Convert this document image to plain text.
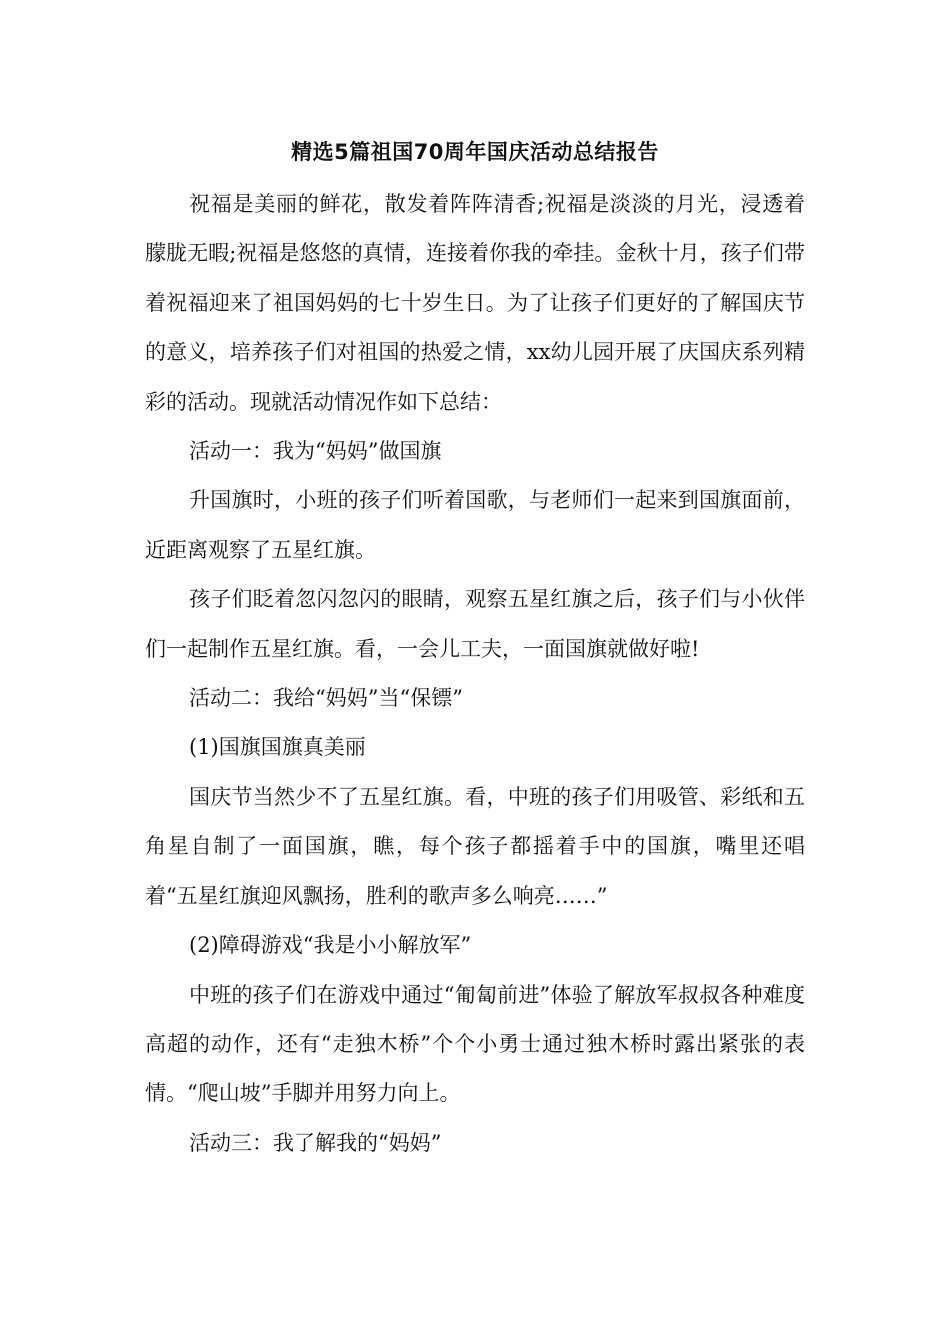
精选5篇祖国70周年国庆活动总结报告

祝福是美丽的鲜花，散发着阵阵清香;祝福是淡淡的月光，浸透着朦胧无暇;祝福是悠悠的真情，连接着你我的牵挂。金秋十月，孩子们带着祝福迎来了祖国妈妈的七十岁生日。为了让孩子们更好的了解国庆节的意义，培养孩子们对祖国的热爱之情，xx幼儿园开展了庆国庆系列精彩的活动。现就活动情况作如下总结：

活动一：我为“妈妈”做国旗

升国旗时，小班的孩子们听着国歌，与老师们一起来到国旗面前，近距离观察了五星红旗。

孩子们眨着忽闪忽闪的眼睛，观察五星红旗之后，孩子们与小伙伴们一起制作五星红旗。看，一会儿工夫，一面国旗就做好啦!

活动二：我给“妈妈”当“保镖”

(1)国旗国旗真美丽

国庆节当然少不了五星红旗。看，中班的孩子们用吸管、彩纸和五角星自制了一面国旗，瞧，每个孩子都摇着手中的国旗，嘴里还唱着“五星红旗迎风飘扬，胜利的歌声多么响亮……”

(2)障碍游戏“我是小小解放军”

中班的孩子们在游戏中通过“匍匐前进”体验了解放军叔叔各种难度高超的动作，还有“走独木桥”个个小勇士通过独木桥时露出紧张的表情。“爬山坡”手脚并用努力向上。

活动三：我了解我的“妈妈”
